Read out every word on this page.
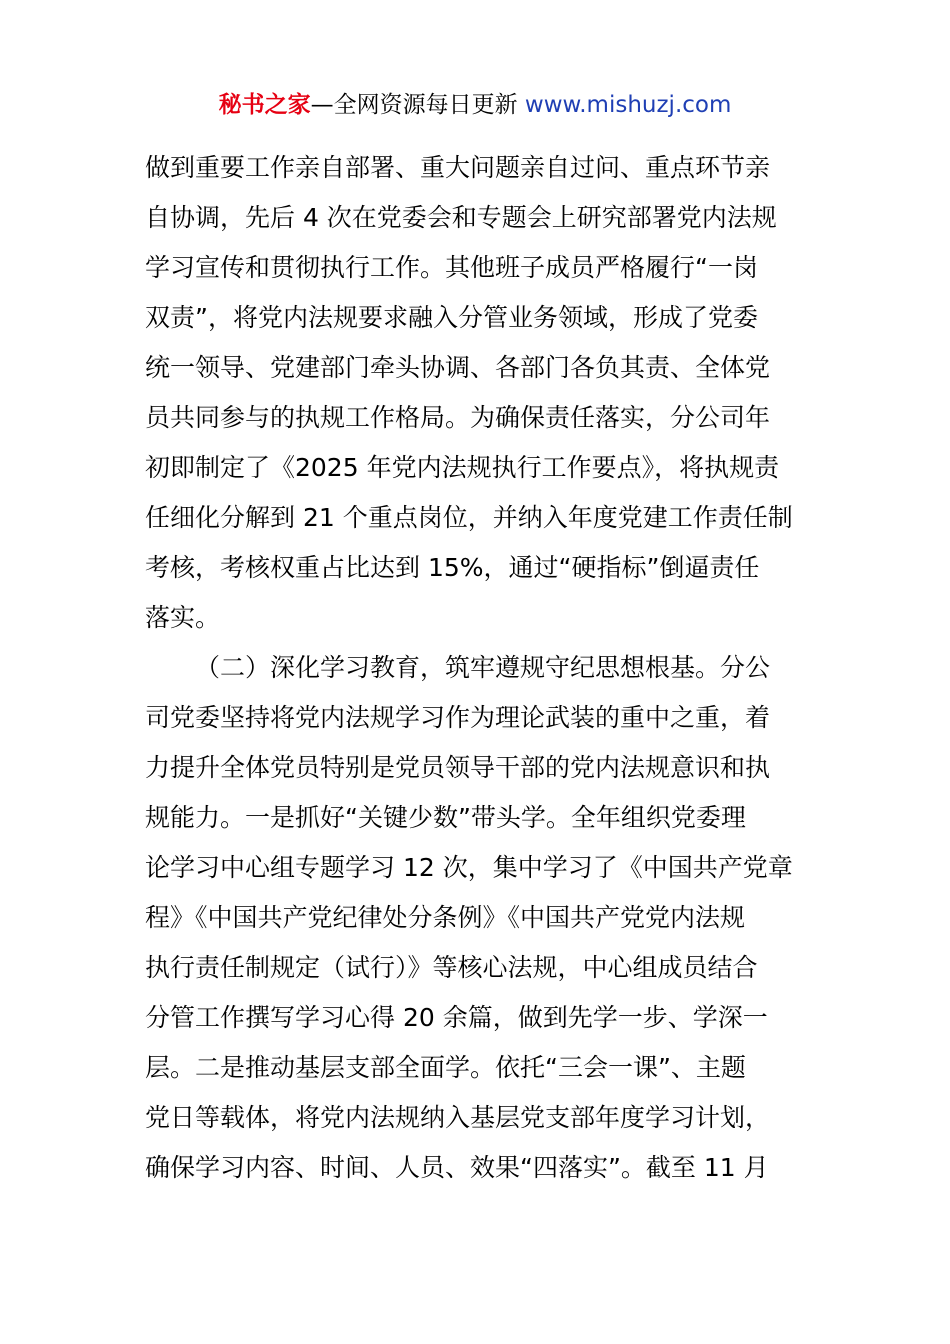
秘书之家—全网资源每日更新 www.mishuzj.com
做到重要工作亲自部署、重大问题亲自过问、重点环节亲
自协调，先后 4 次在党委会和专题会上研究部署党内法规
学习宣传和贯彻执行工作。其他班子成员严格履行“一岗
双责”，将党内法规要求融入分管业务领域，形成了党委
统一领导、党建部门牵头协调、各部门各负其责、全体党
员共同参与的执规工作格局。为确保责任落实，分公司年
初即制定了《2025 年党内法规执行工作要点》，将执规责
任细化分解到 21 个重点岗位，并纳入年度党建工作责任制
考核，考核权重占比达到 15%，通过“硬指标”倒逼责任
落实。
（二）深化学习教育，筑牢遵规守纪思想根基。分公
司党委坚持将党内法规学习作为理论武装的重中之重，着
力提升全体党员特别是党员领导干部的党内法规意识和执
规能力。一是抓好“关键少数”带头学。全年组织党委理
论学习中心组专题学习 12 次，集中学习了《中国共产党章
程》《中国共产党纪律处分条例》《中国共产党党内法规
执行责任制规定（试行）》等核心法规，中心组成员结合
分管工作撰写学习心得 20 余篇，做到先学一步、学深一
层。二是推动基层支部全面学。依托“三会一课”、主题
党日等载体，将党内法规纳入基层党支部年度学习计划，
确保学习内容、时间、人员、效果“四落实”。截至 11 月
